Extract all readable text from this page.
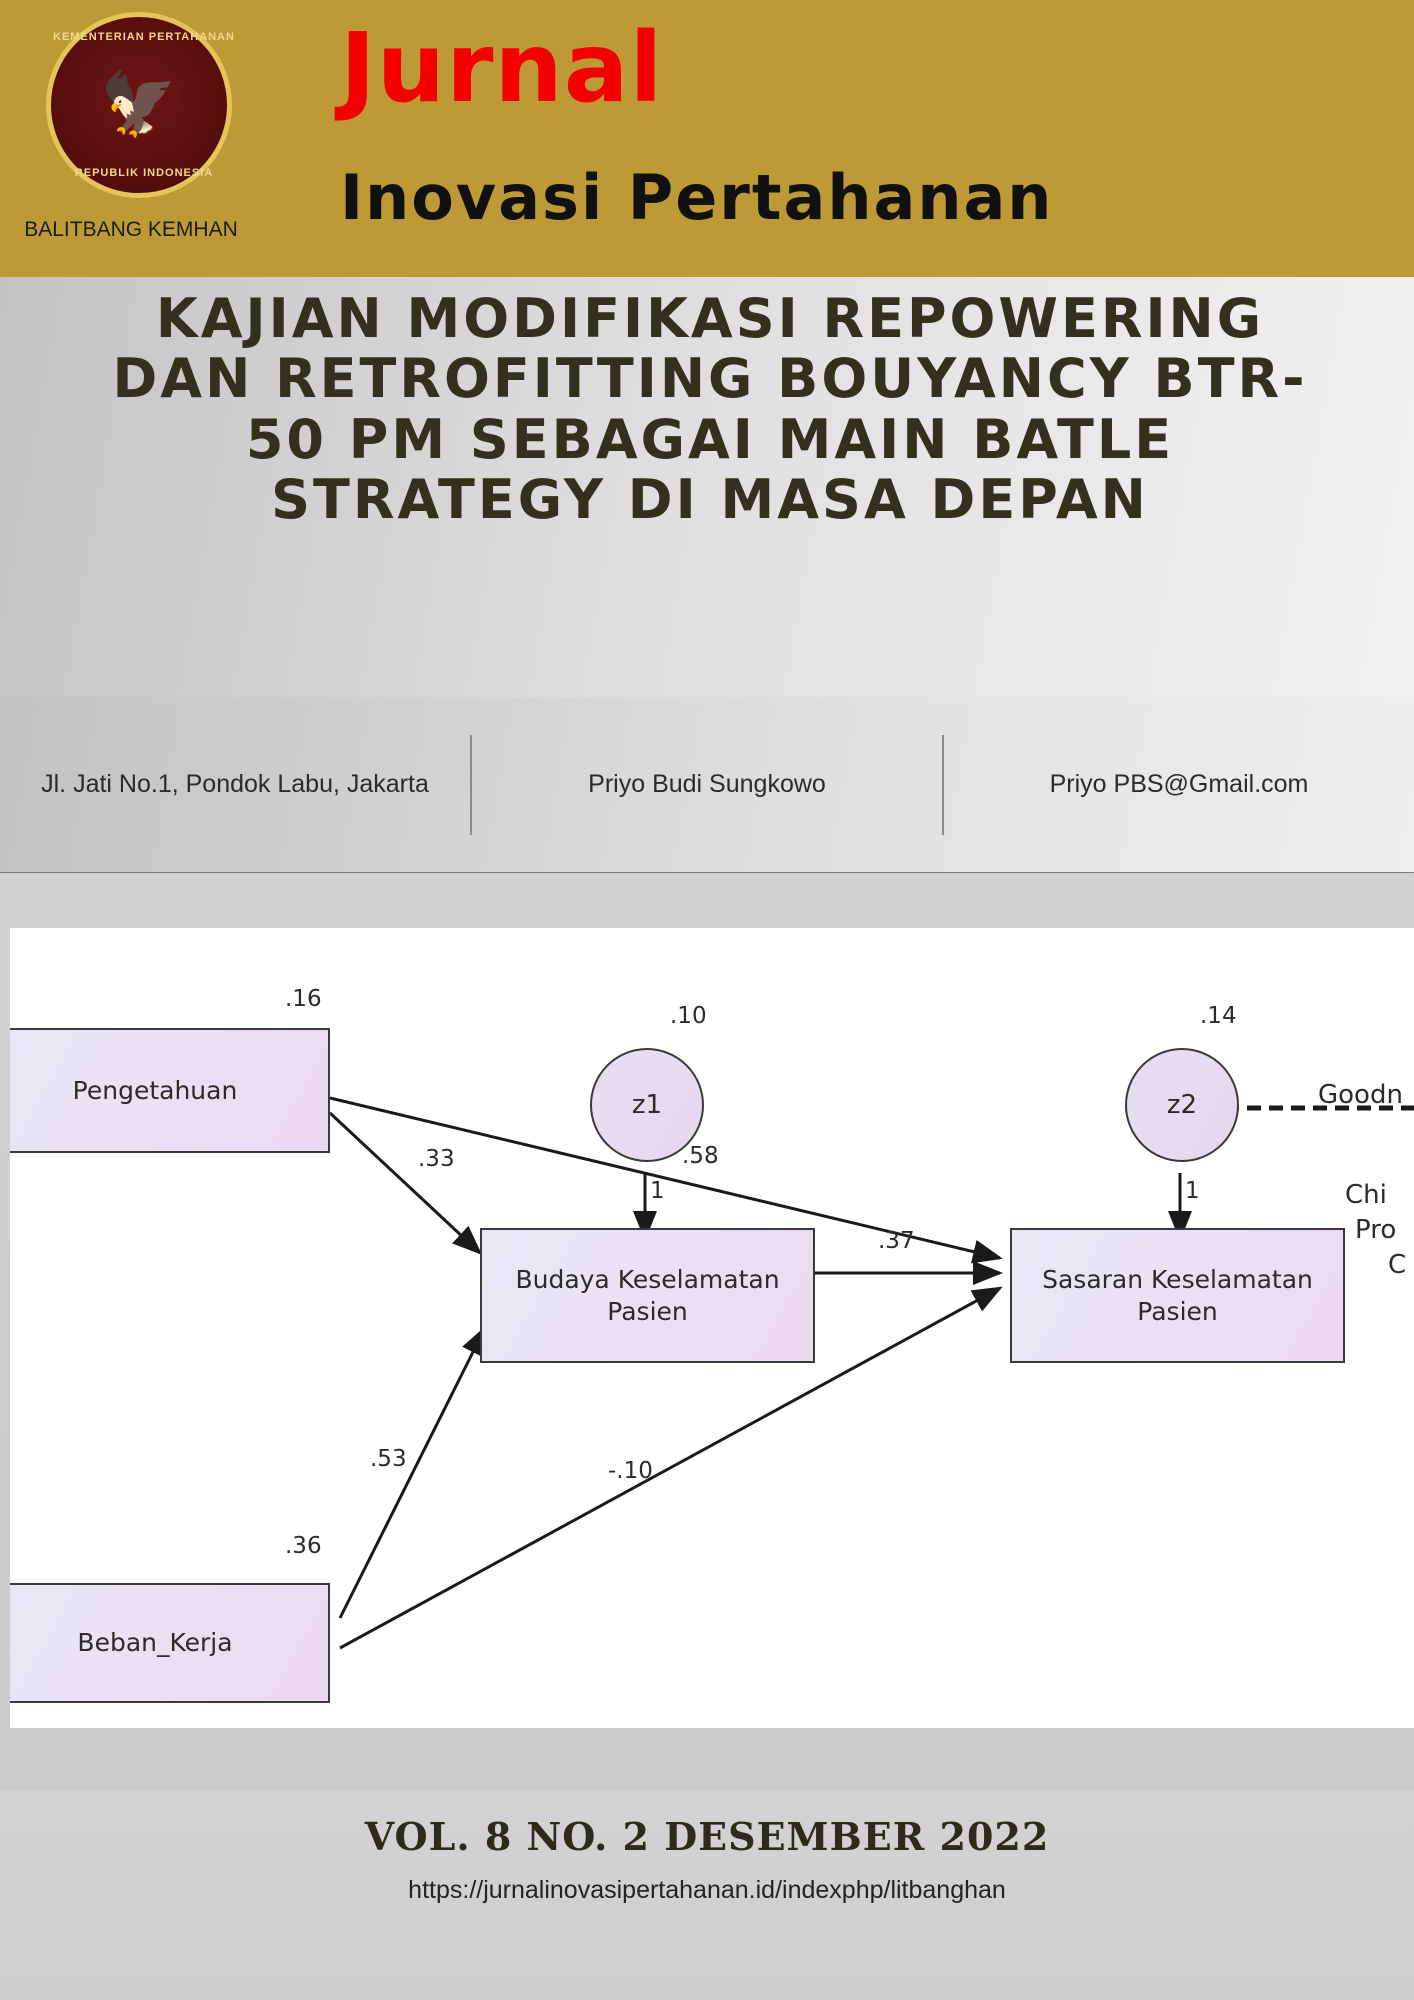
KEMENTERIAN PERTAHANAN
🦅
REPUBLIK INDONESIA
BALITBANG KEMHAN
Jurnal
Inovasi Pertahanan
KAJIAN MODIFIKASI REPOWERING DAN RETROFITTING BOUYANCY BTR-50 PM SEBAGAI MAIN BATLE STRATEGY DI MASA DEPAN
Jl. Jati No.1, Pondok Labu, Jakarta	Priyo Budi Sungkowo	Priyo PBS@Gmail.com
Pengetahuan
.16
Beban_Kerja
.36
Budaya Keselamatan Pasien
Sasaran Keselamatan Pasien
z1
.10
z2
.14
.33	.58
.53
.37
-.10
1	1
Goodn
Chi
Pro
C
VOL. 8 NO. 2 DESEMBER 2022
https://jurnalinovasipertahanan.id/indexphp/litbanghan
